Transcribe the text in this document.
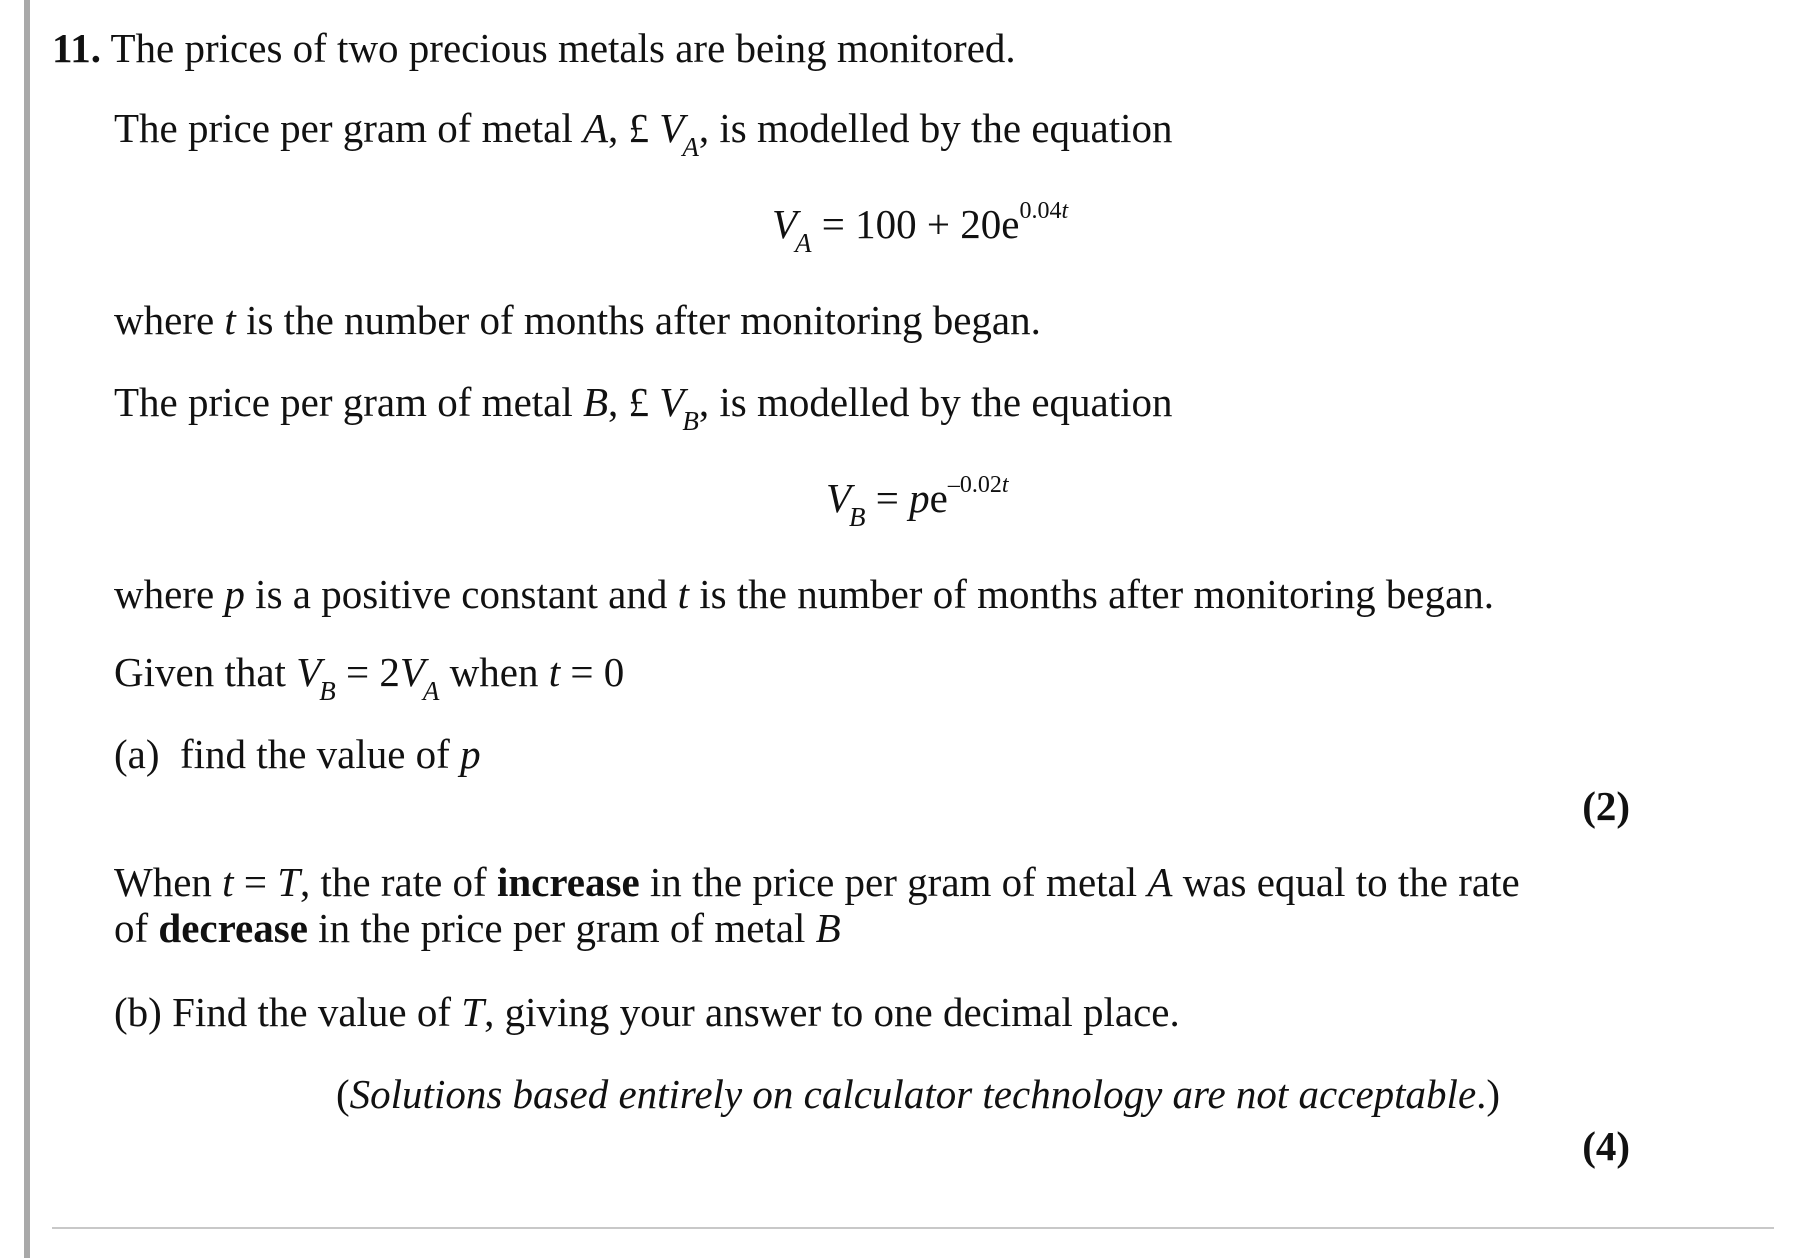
11. The prices of two precious metals are being monitored.
The price per gram of metal A, £ $V_A$, is modelled by the equation
$V_A = 100 + 20e^{0.04t}$
where t is the number of months after monitoring began.
The price per gram of metal B, £ $V_B$, is modelled by the equation
$V_B = pe^{-0.02t}$
where p is a positive constant and t is the number of months after monitoring began.
Given that $V_B = 2V_A$ when t = 0
(a) find the value of p
(2)
When t = T, the rate of increase in the price per gram of metal A was equal to the rate
of decrease in the price per gram of metal B
(b) Find the value of T, giving your answer to one decimal place.
(Solutions based entirely on calculator technology are not acceptable.)
(4)
